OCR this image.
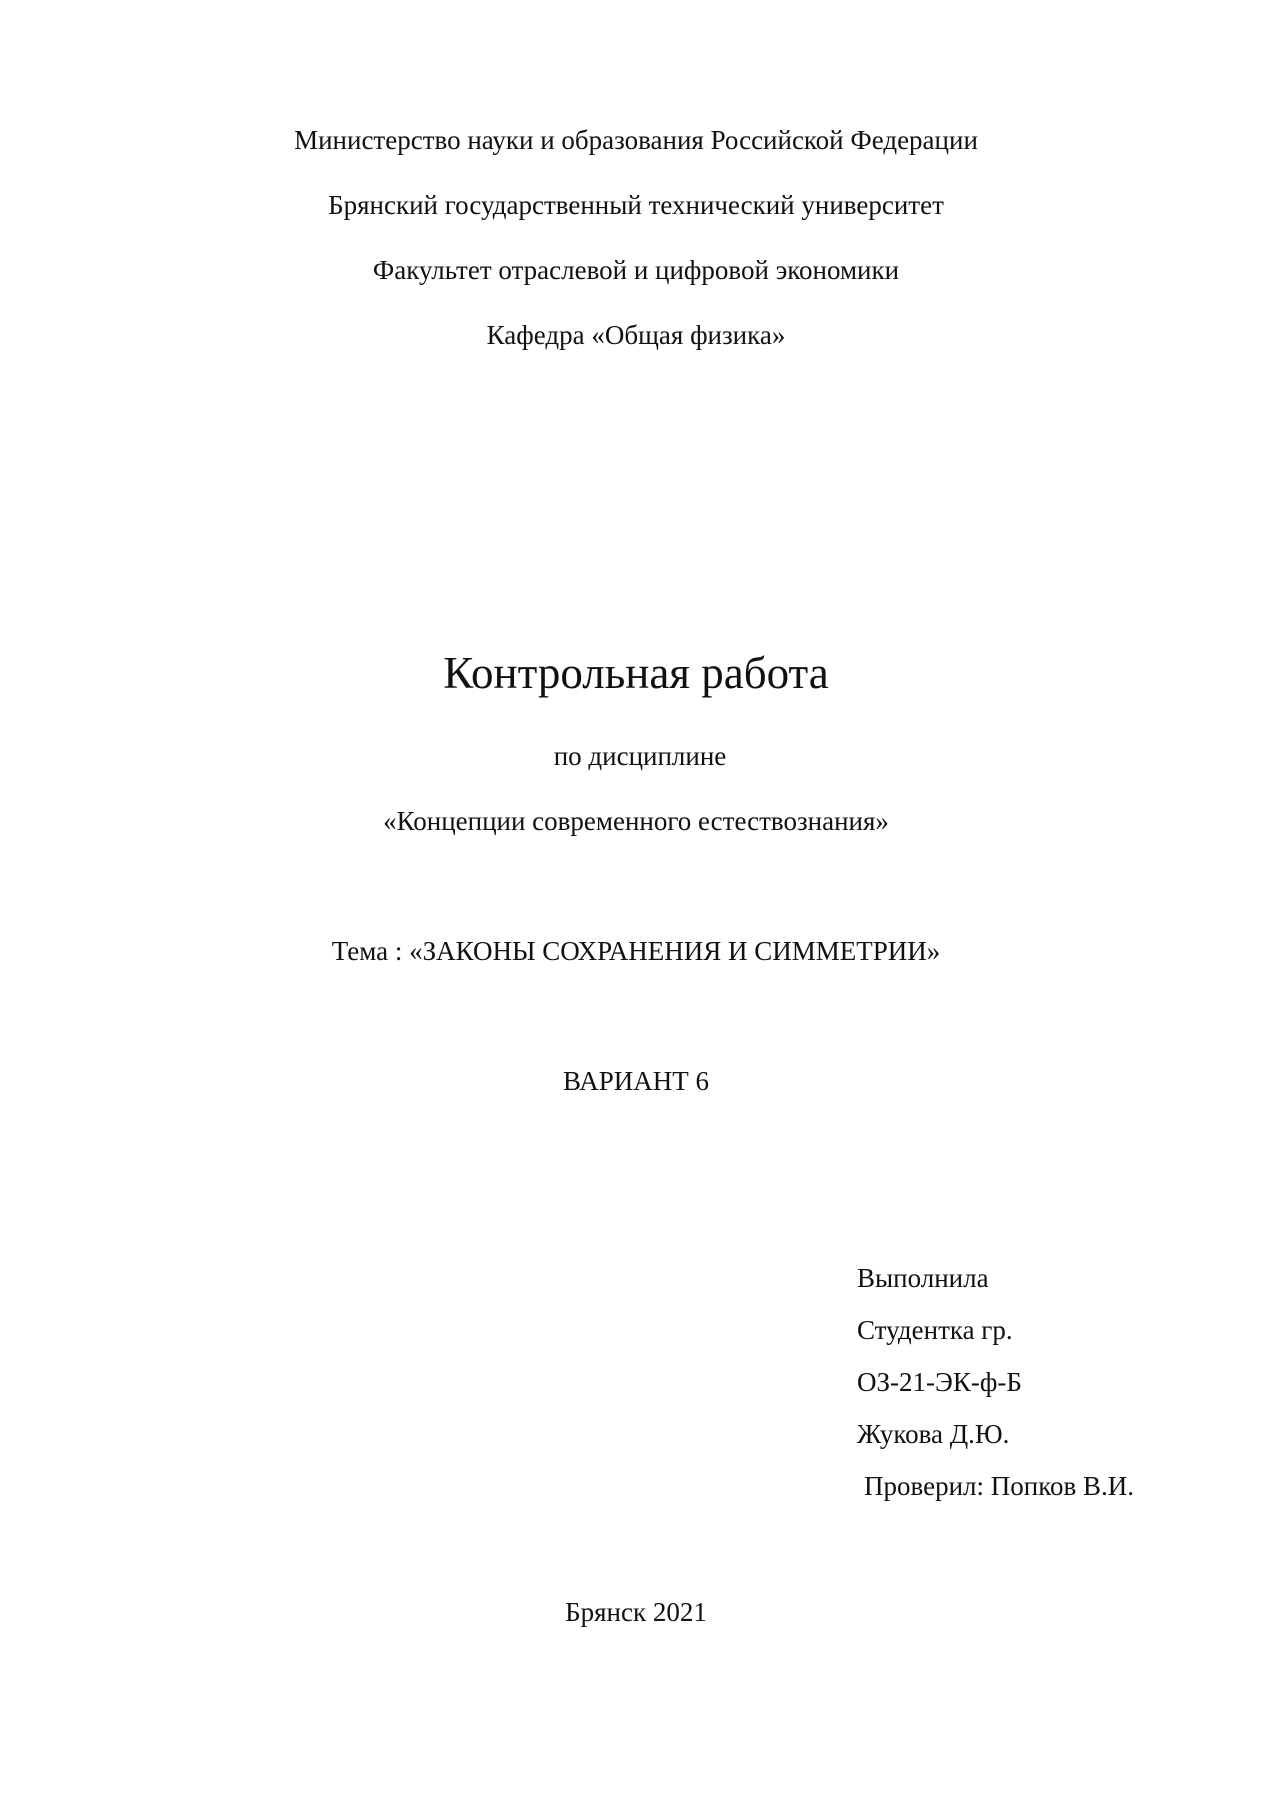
Министерство науки и образования Российской Федерации
Брянский государственный технический университет
Факультет отраслевой и цифровой экономики
Кафедра «Общая физика»
Контрольная работа
по дисциплине
«Концепции современного естествознания»
Тема : «ЗАКОНЫ СОХРАНЕНИЯ И СИММЕТРИИ»
ВАРИАНТ 6
Выполнила
Студентка гр.
ОЗ-21-ЭК-ф-Б
Жукова Д.Ю.
Проверил: Попков В.И.
Брянск 2021
